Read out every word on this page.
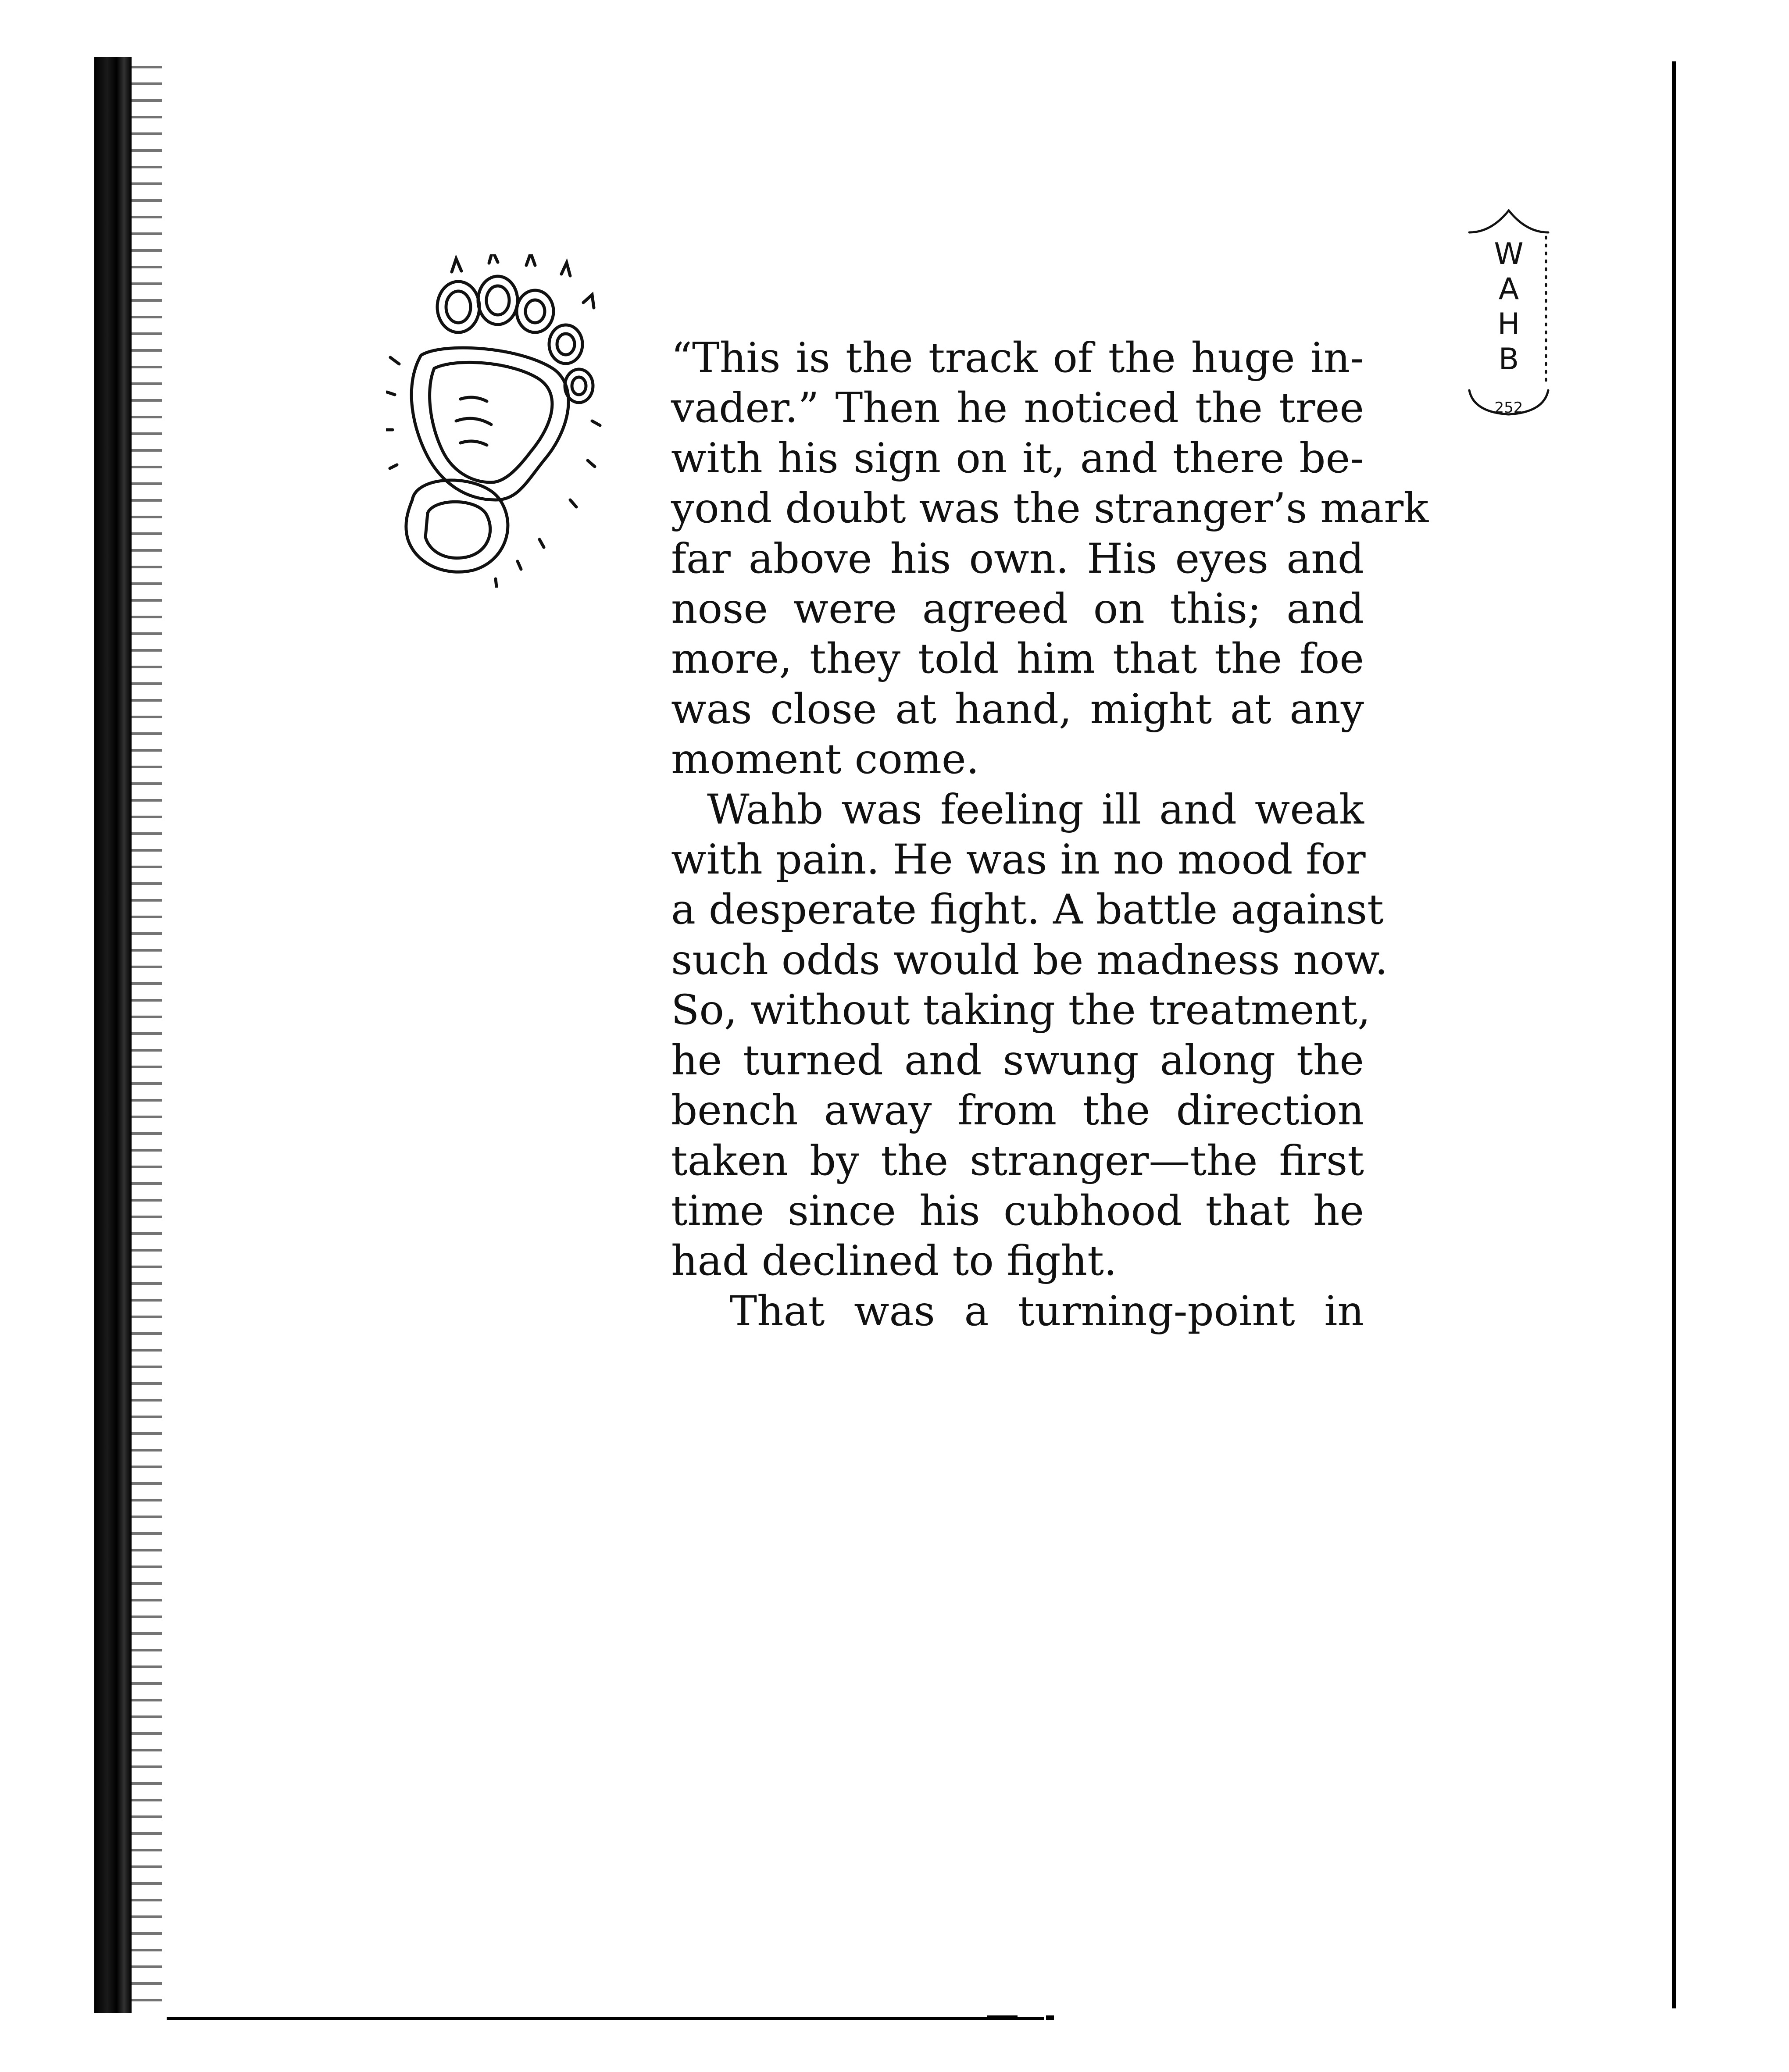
W
A
H
B
252
“This is the track of the huge in-
vader.” Then he noticed the tree
with his sign on it, and there be-
yond doubt was the stranger’s mark
far above his own. His eyes and
nose were agreed on this; and
more, they told him that the foe
was close at hand, might at any
moment come.
Wahb was feeling ill and weak
with pain. He was in no mood for
a desperate fight. A battle against
such odds would be madness now.
So, without taking the treatment,
he turned and swung along the
bench away from the direction
taken by the stranger—the first
time since his cubhood that he
had declined to fight.
That was a turning-point in
